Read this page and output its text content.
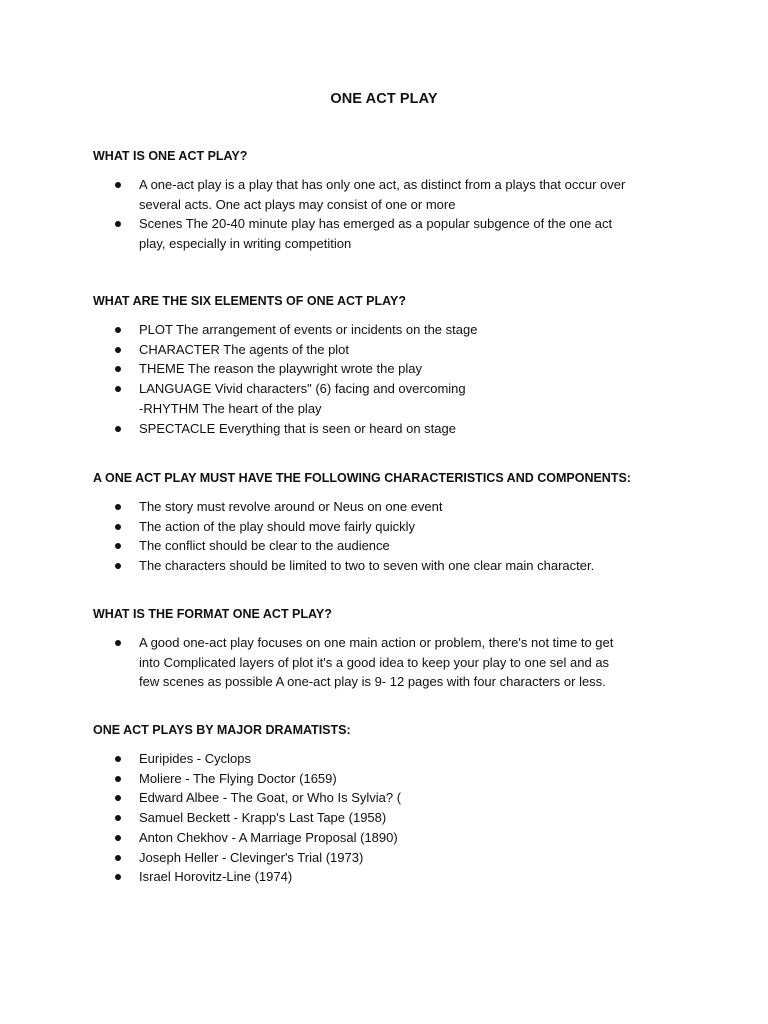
ONE ACT PLAY
WHAT IS ONE ACT PLAY?
A one-act play is a play that has only one act, as distinct from a plays that occur over
several acts. One act plays may consist of one or more
Scenes The 20-40 minute play has emerged as a popular subgence of the one act
play, especially in writing competition
WHAT ARE THE SIX ELEMENTS OF ONE ACT PLAY?
PLOT The arrangement of events or incidents on the stage
CHARACTER The agents of the plot
THEME The reason the playwright wrote the play
LANGUAGE Vivid characters" (6) facing and overcoming
-RHYTHM The heart of the play
SPECTACLE Everything that is seen or heard on stage
A ONE ACT PLAY MUST HAVE THE FOLLOWING CHARACTERISTICS AND COMPONENTS:
The story must revolve around or Neus on one event
The action of the play should move fairly quickly
The conflict should be clear to the audience
The characters should be limited to two to seven with one clear main character.
WHAT IS THE FORMAT ONE ACT PLAY?
A good one-act play focuses on one main action or problem, there's not time to get
into Complicated layers of plot it's a good idea to keep your play to one sel and as
few scenes as possible A one-act play is 9- 12 pages with four characters or less.
ONE ACT PLAYS BY MAJOR DRAMATISTS:
Euripides - Cyclops
Moliere - The Flying Doctor (1659)
Edward Albee - The Goat, or Who Is Sylvia? (
Samuel Beckett - Krapp's Last Tape (1958)
Anton Chekhov - A Marriage Proposal (1890)
Joseph Heller - Clevinger's Trial (1973)
Israel Horovitz-Line (1974)
